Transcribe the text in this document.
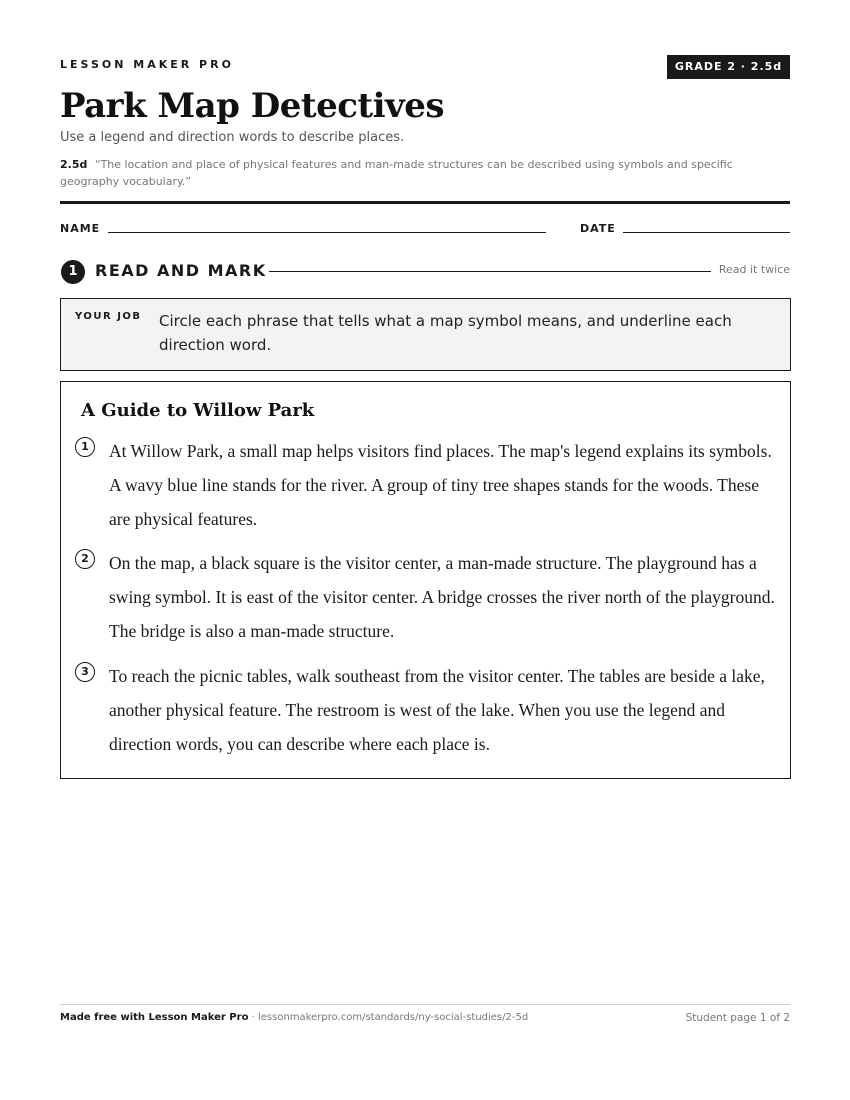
LESSON MAKER PRO	GRADE 2 · 2.5d
Park Map Detectives
Use a legend and direction words to describe places.
2.5d “The location and place of physical features and man-made structures can be described using symbols and specific geography vocabulary.”
NAME	DATE
1	READ AND MARK	Read it twice
YOUR JOB Circle each phrase that tells what a map symbol means, and underline each direction word.
A Guide to Willow Park
1	At Willow Park, a small map helps visitors find places. The map's legend explains its symbols. A wavy blue line stands for the river. A group of tiny tree shapes stands for the woods. These are physical features.
2	On the map, a black square is the visitor center, a man-made structure. The playground has a swing symbol. It is east of the visitor center. A bridge crosses the river north of the playground. The bridge is also a man-made structure.
3	To reach the picnic tables, walk southeast from the visitor center. The tables are beside a lake, another physical feature. The restroom is west of the lake. When you use the legend and direction words, you can describe where each place is.
Made free with Lesson Maker Pro · lessonmakerpro.com/standards/ny-social-studies/2-5d	Student page 1 of 2
